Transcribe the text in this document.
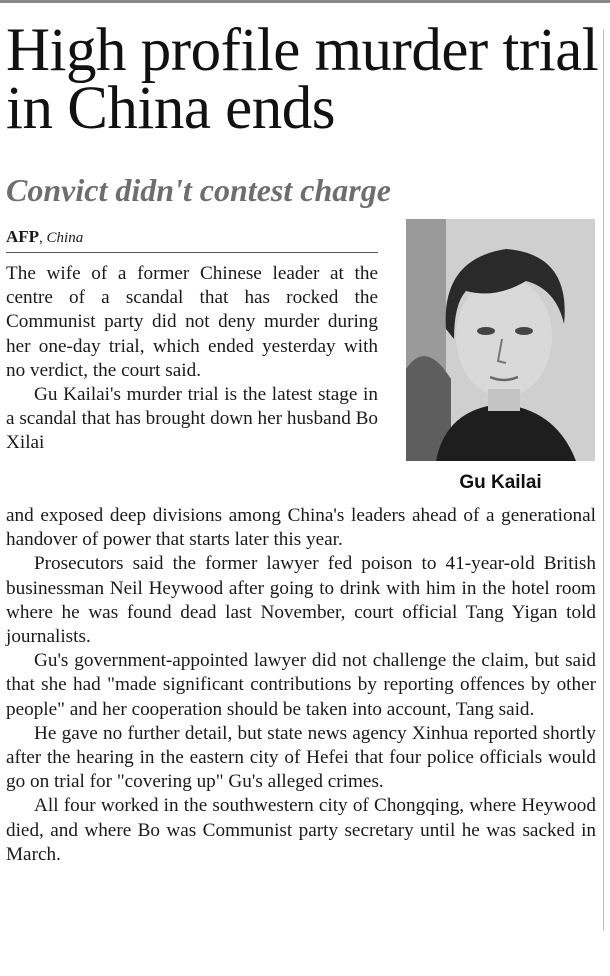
High profile murder trial in China ends
Convict didn't contest charge
AFP, China
Gu Kailai

The wife of a former Chinese leader at the centre of a scandal that has rocked the Communist party did not deny murder during her one-day trial, which ended yesterday with no verdict, the court said.

Gu Kailai's murder trial is the latest stage in a scandal that has brought down her husband Bo Xilai

and exposed deep divisions among China's leaders ahead of a generational handover of power that starts later this year.

Prosecutors said the former lawyer fed poison to 41-year-old British businessman Neil Heywood after going to drink with him in the hotel room where he was found dead last November, court official Tang Yigan told journalists.

Gu's government-appointed lawyer did not challenge the claim, but said that she had "made significant contributions by reporting offences by other people" and her cooperation should be taken into account, Tang said.

He gave no further detail, but state news agency Xinhua reported shortly after the hearing in the eastern city of Hefei that four police officials would go on trial for "covering up" Gu's alleged crimes.

All four worked in the southwestern city of Chongqing, where Heywood died, and where Bo was Communist party secretary until he was sacked in March.
